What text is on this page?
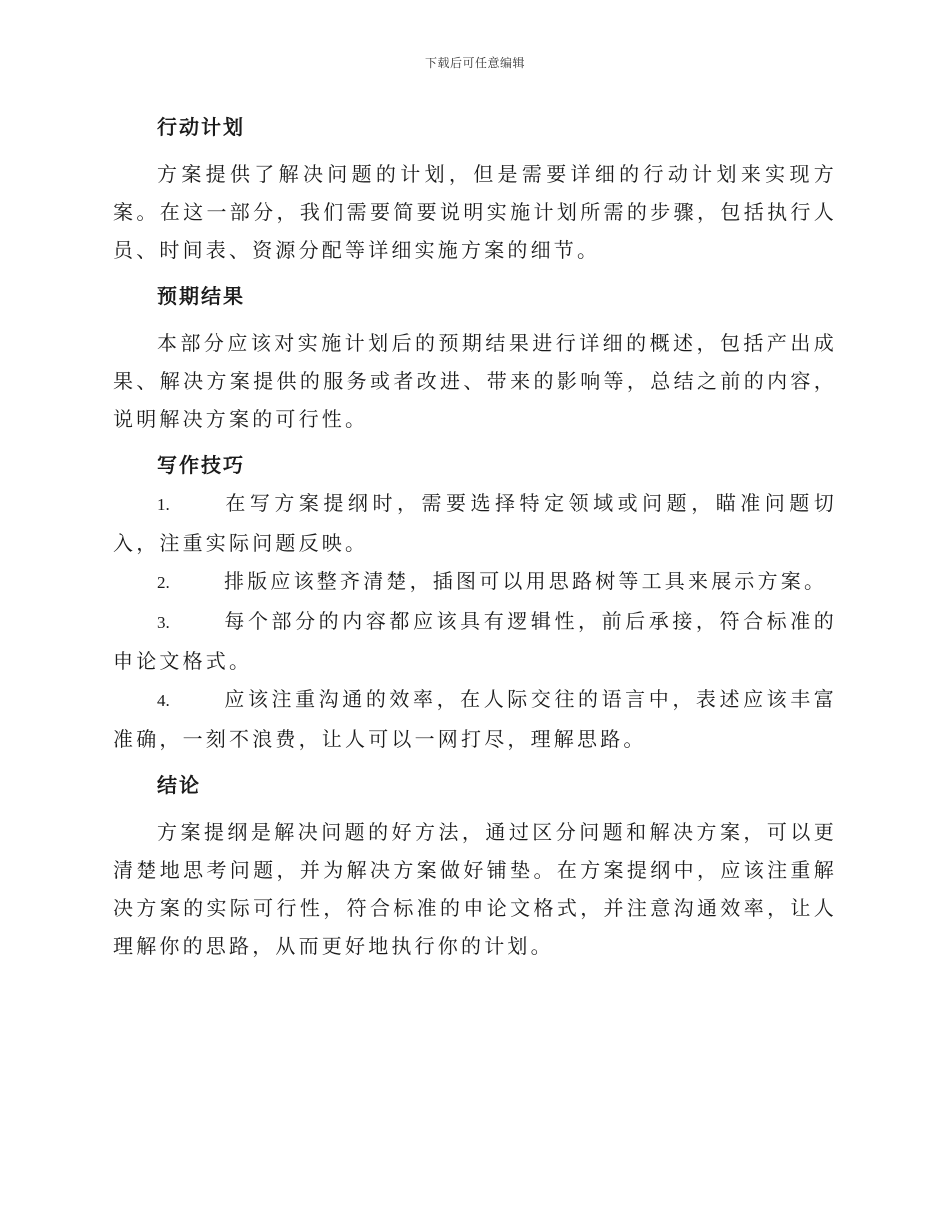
下载后可任意编辑
行动计划

方案提供了解决问题的计划，但是需要详细的行动计划来实现方案。在这一部分，我们需要简要说明实施计划所需的步骤，包括执行人员、时间表、资源分配等详细实施方案的细节。

预期结果

本部分应该对实施计划后的预期结果进行详细的概述，包括产出成果、解决方案提供的服务或者改进、带来的影响等，总结之前的内容，说明解决方案的可行性。

写作技巧
1.	在写方案提纲时，需要选择特定领域或问题，瞄准问题切入，注重实际问题反映。
2.	排版应该整齐清楚，插图可以用思路树等工具来展示方案。
3.	每个部分的内容都应该具有逻辑性，前后承接，符合标准的申论文格式。
4.	应该注重沟通的效率，在人际交往的语言中，表述应该丰富准确，一刻不浪费，让人可以一网打尽，理解思路。
结论

方案提纲是解决问题的好方法，通过区分问题和解决方案，可以更清楚地思考问题，并为解决方案做好铺垫。在方案提纲中，应该注重解决方案的实际可行性，符合标准的申论文格式，并注意沟通效率，让人理解你的思路，从而更好地执行你的计划。
